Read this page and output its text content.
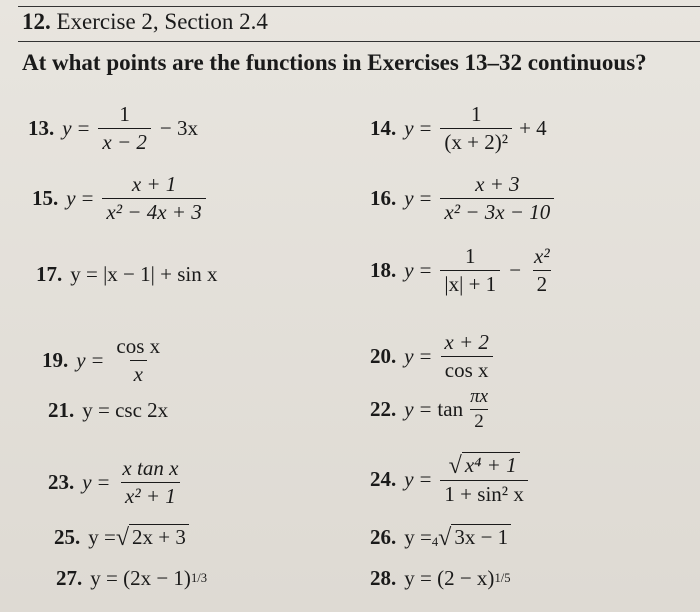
12. Exercise 2, Section 2.4
At what points are the functions in Exercises 13–32 continuous?
13. $y = \frac{1}{x - 2} - 3x$	14. $y = \frac{1}{\text{(x + 2)²}} + 4$
15. $y = \frac{x + 1}{\text{x² − 4x + 3}}$	16. $y = \frac{x + 3}{\text{x² − 3x − 10}}$
17. y = |x − 1| + sin x	18. $y = \frac{1}{|x| + 1} - \frac{\text{x²}}{2}$
19. $y = \frac{\text{cos x}}{x}$	20. $y = \frac{x + 2}{\text{cos x}}$
21. y = csc 2x	22. $y = \tan \frac{\pi x}{2}$
23. $y = \frac{\text{x tan x}}{\text{x² + 1}}$	24. $y = \frac{\text{√ x⁴ + 1}}{\text{1 + sin² x}}$
25. y = √ 2x + 3	26. y = 4 √ 3x − 1
27. y = (2x − 1) 1/3	28. y = (2 − x) 1/5
